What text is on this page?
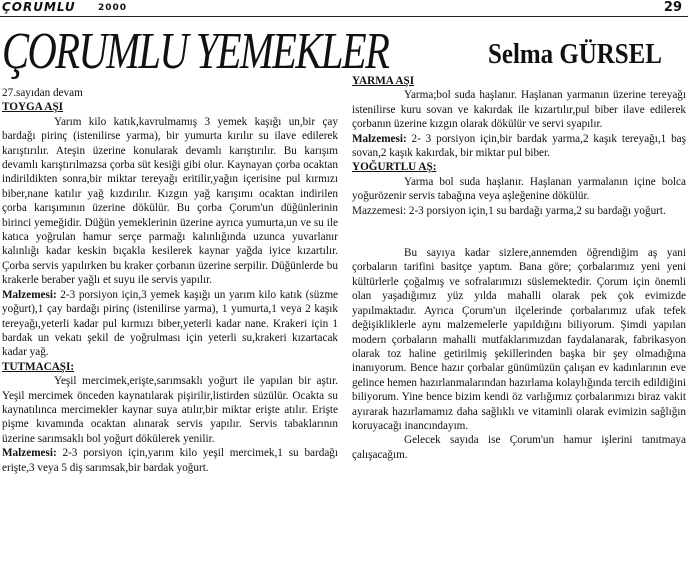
ÇORUMLU 2000	29
ÇORUMLU YEMEKLER	Selma GÜRSEL

27.sayıdan devam

TOYGA AŞI

Yarım kilo katık,kavrulmamış 3 yemek kaşığı un,bir çay bardağı pirinç (istenilirse yarma), bir yumurta kırılır su ilave edilerek karıştırılır. Ateşin üzerine konularak devamlı karıştırılır. Bu karışım devamlı karıştırılmazsa çorba süt kesiği gibi olur. Kaynayan çorba ocaktan indirildikten sonra,bir miktar tereyağı eritilir,yağın içerisine pul kırmızı biber,nane katılır yağ kızdırılır. Kızgın yağ karışımı ocaktan indirilen çorba karışımının üzerine dökülür. Bu çorba Çorum'un düğünlerinin birinci yemeğidir. Düğün yemeklerinin üzerine ayrıca yumurta,un ve su ile katıca yoğrulan hamur serçe parmağı kalınlığında uzunca yuvarlanır kalınlığı kadar keskin bıçakla kesilerek kaynar yağda iyice kızartılır. Çorba servis yapılırken bu kraker çorbanın üzerine serpilir. Düğünlerde bu krakerle beraber yağlı et suyu ile servis yapılır.

Malzemesi: 2-3 porsiyon için,3 yemek kaşığı un yarım kilo katık (süzme yoğurt),1 çay bardağı pirinç (istenilirse yarma), 1 yumurta,1 veya 2 kaşık tereyağı,yeterli kadar pul kırmızı biber,yeterli kadar nane. Krakeri için 1 bardak un vekatı şekil de yoğrulması için yeterli su,krakeri kızartacak kadar yağ.

TUTMACAŞI:

Yeşil mercimek,erişte,sarımsaklı yoğurt ile yapılan bir aştır. Yeşil mercimek önceden kaynatılarak pişirilir,listirden süzülür. Ocakta su kaynatılınca mercimekler kaynar suya atılır,bir miktar erişte atılır. Erişte pişme kıvamında ocaktan alınarak servis yapılır. Servis tabaklarının üzerine sarımsaklı bol yoğurt dökülerek yenilir.

Malzemesi: 2-3 porsiyon için,yarım kilo yeşil mercimek,1 su bardağı erişte,3 veya 5 diş sarımsak,bir bardak yoğurt.

YARMA AŞI

Yarma;bol suda haşlanır. Haşlanan yarmanın üzerine tereyağı istenilirse kuru sovan ve kakırdak ile kızartılır,pul biber ilave edilerek çorbanın üzerine kızgın olarak dökülür ve servi syapılır.

Malzemesi: 2- 3 porsiyon için,bir bardak yarma,2 kaşık tereyağı,1 baş sovan,2 kaşık kakırdak, bir miktar pul biber.

YOĞURTLU AŞ:

Yarma bol suda haşlanır. Haşlanan yarmalanın içine bolca yoğurözenir servis tabağına veya aşleğenine dökülür.

Mazzemesi: 2-3 porsiyon için,1 su bardağı yarma,2 su bardağı yoğurt.

Bu sayıya kadar sizlere,annemden öğrendiğim aş yani çorbaların tarifini basitçe yaptım. Bana göre; çorbalarımız yeni yeni kültürlerle çoğalmış ve sofralarımızı süslemektedir. Çorum için önemli olan yaşadığımız yüz yılda mahalli olarak pek çok evimizde yapılmaktadır. Ayrıca Çorum'un ilçelerinde çorbalarımız ufak tefek değişikliklerle aynı malzemelerle yapıldığını biliyorum. Şimdi yapılan modern çorbaların mahalli mutfaklarımızdan faydalanarak, fabrikasyon olarak toz haline getirilmiş şekillerinden başka bir şey olmadığına inanıyorum. Bence hazır çorbalar günümüzün çalışan ev kadınlarının eve gelince hemen hazırlanmalarından hazırlama kolaylığında tercih edildiğini biliyorum. Yine bence bizim kendi öz varlığımız çorbalarımızı biraz vakit ayırarak hazırlamamız daha sağlıklı ve vitaminli olarak evimizin sağlığın koruyacağı inancındayım.

Gelecek sayıda ise Çorum'un hamur işlerini tanıtmaya çalışacağım.
